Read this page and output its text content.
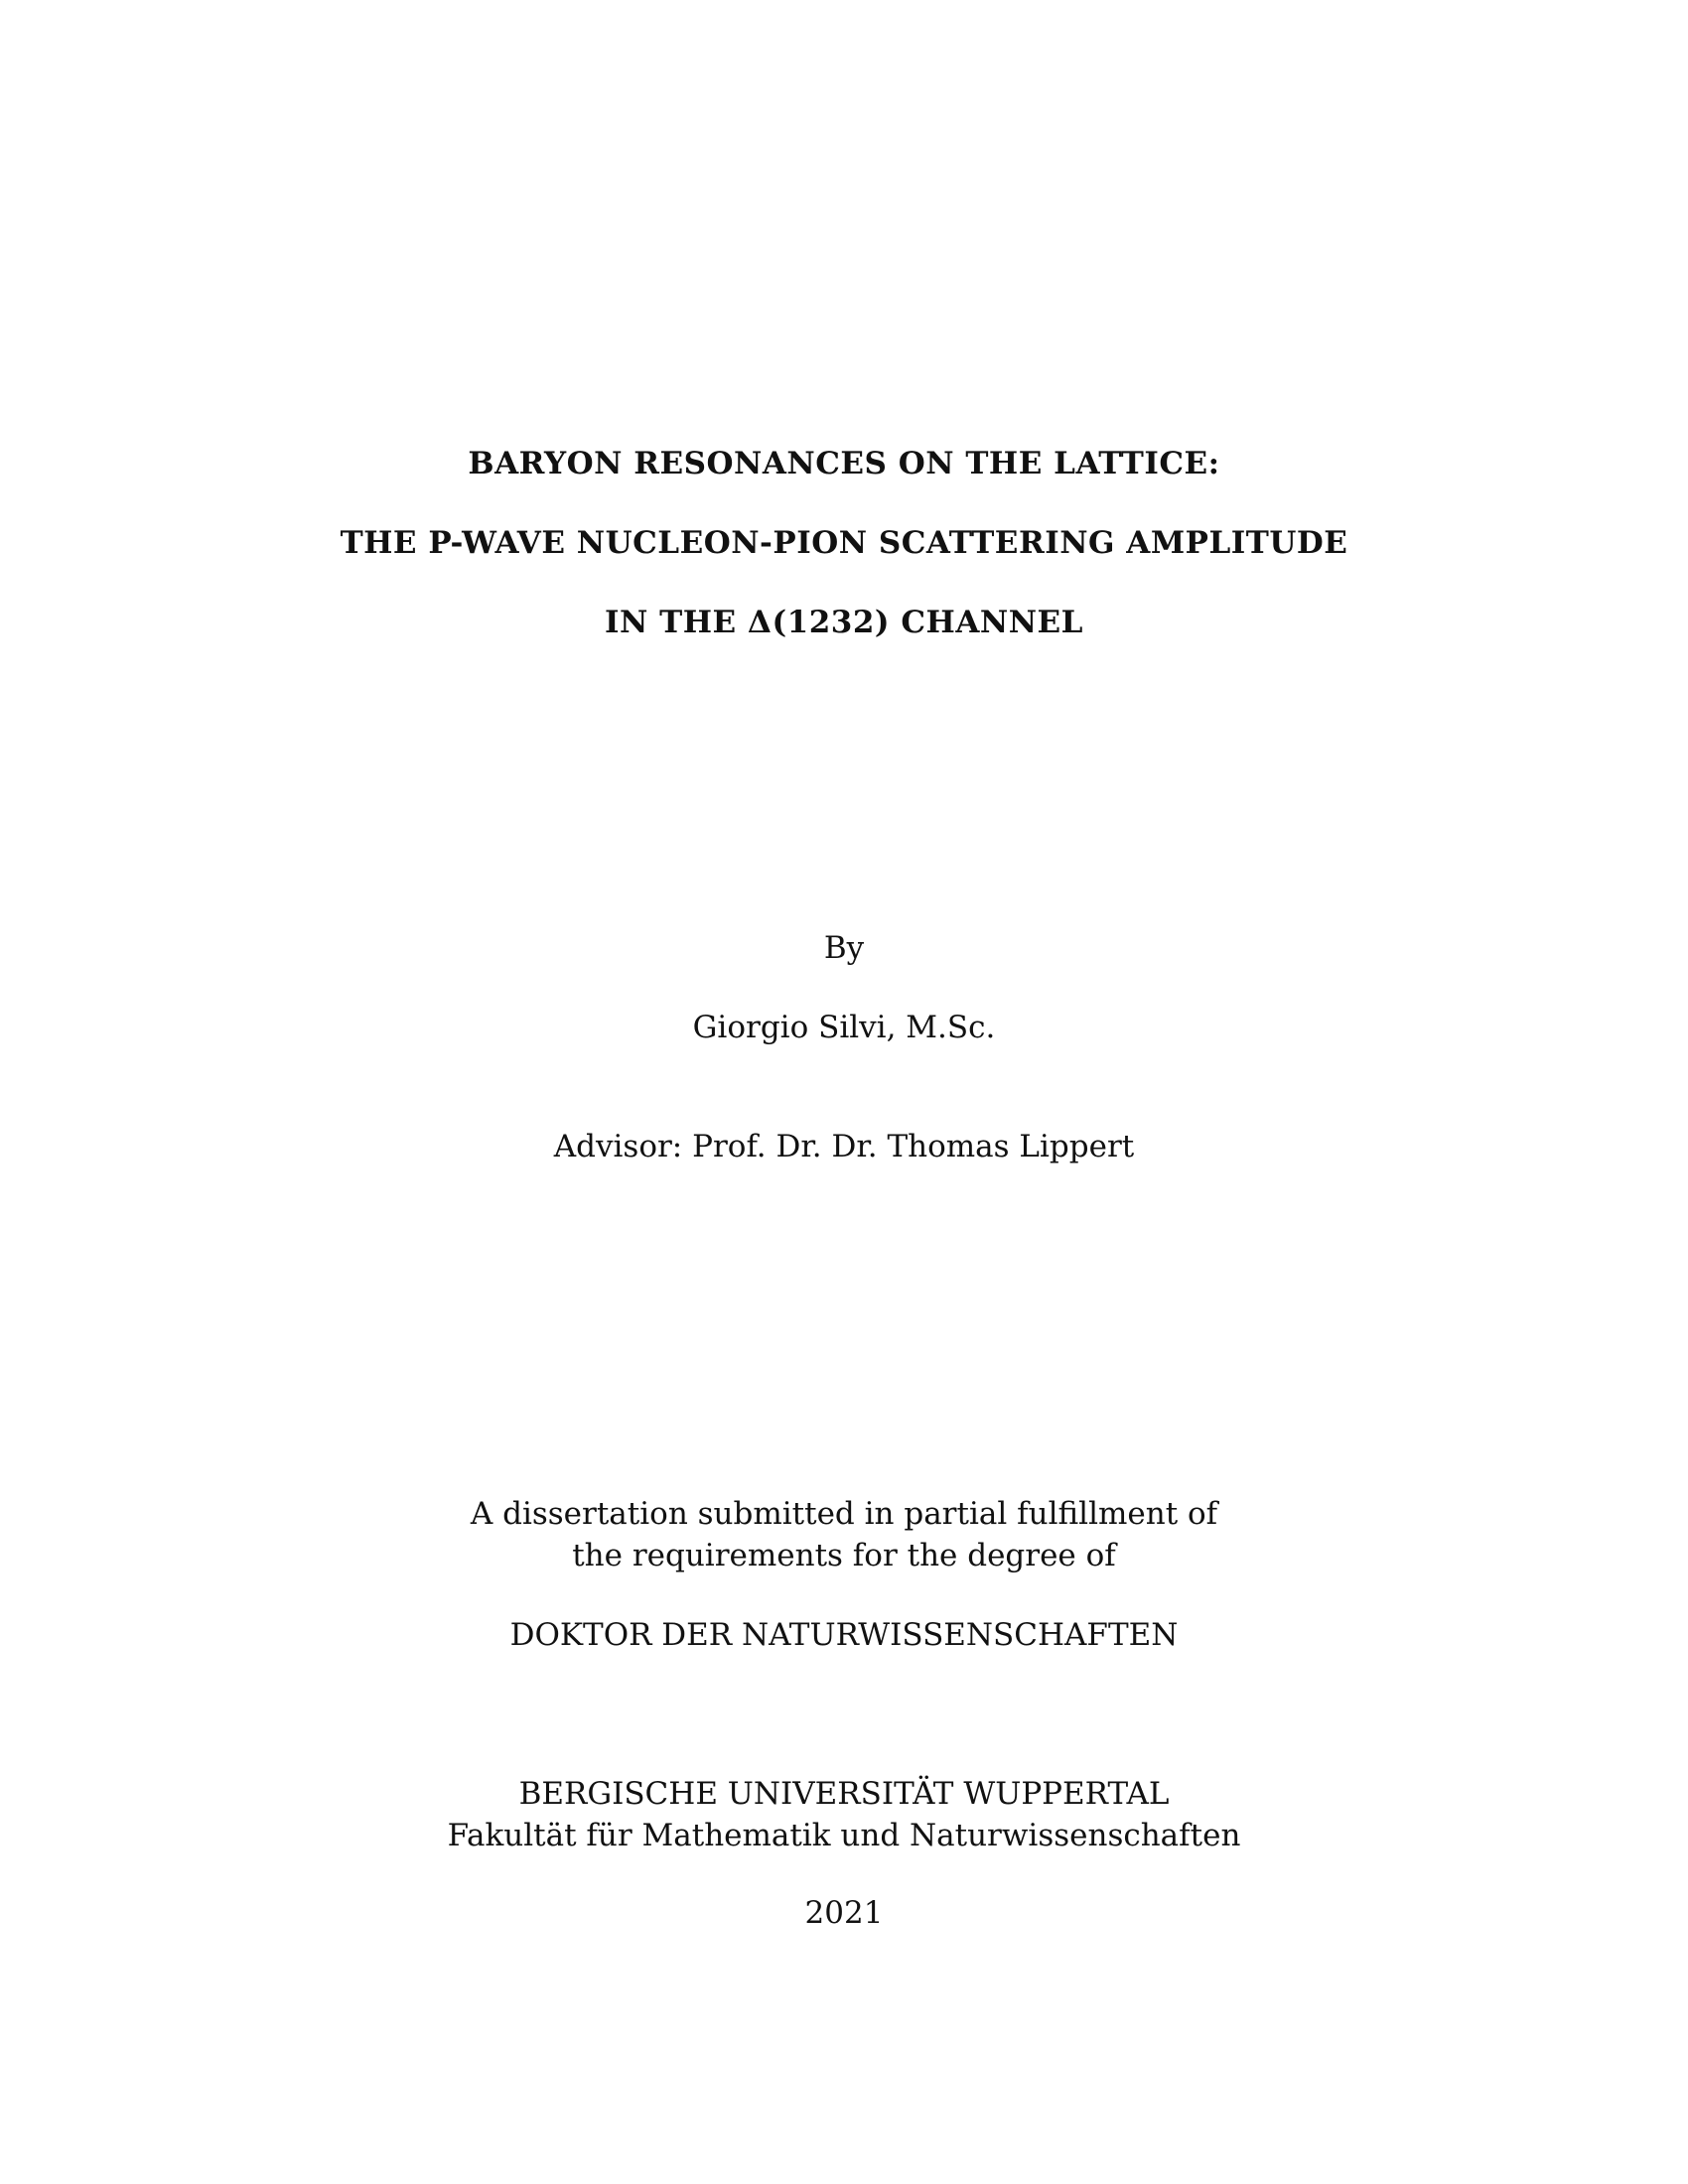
BARYON RESONANCES ON THE LATTICE:
THE P-WAVE NUCLEON-PION SCATTERING AMPLITUDE
IN THE Δ(1232) CHANNEL
By
Giorgio Silvi, M.Sc.
Advisor: Prof. Dr. Dr. Thomas Lippert
A dissertation submitted in partial fulfillment of
the requirements for the degree of
DOKTOR DER NATURWISSENSCHAFTEN
BERGISCHE UNIVERSITÄT WUPPERTAL
Fakultät für Mathematik und Naturwissenschaften
2021
